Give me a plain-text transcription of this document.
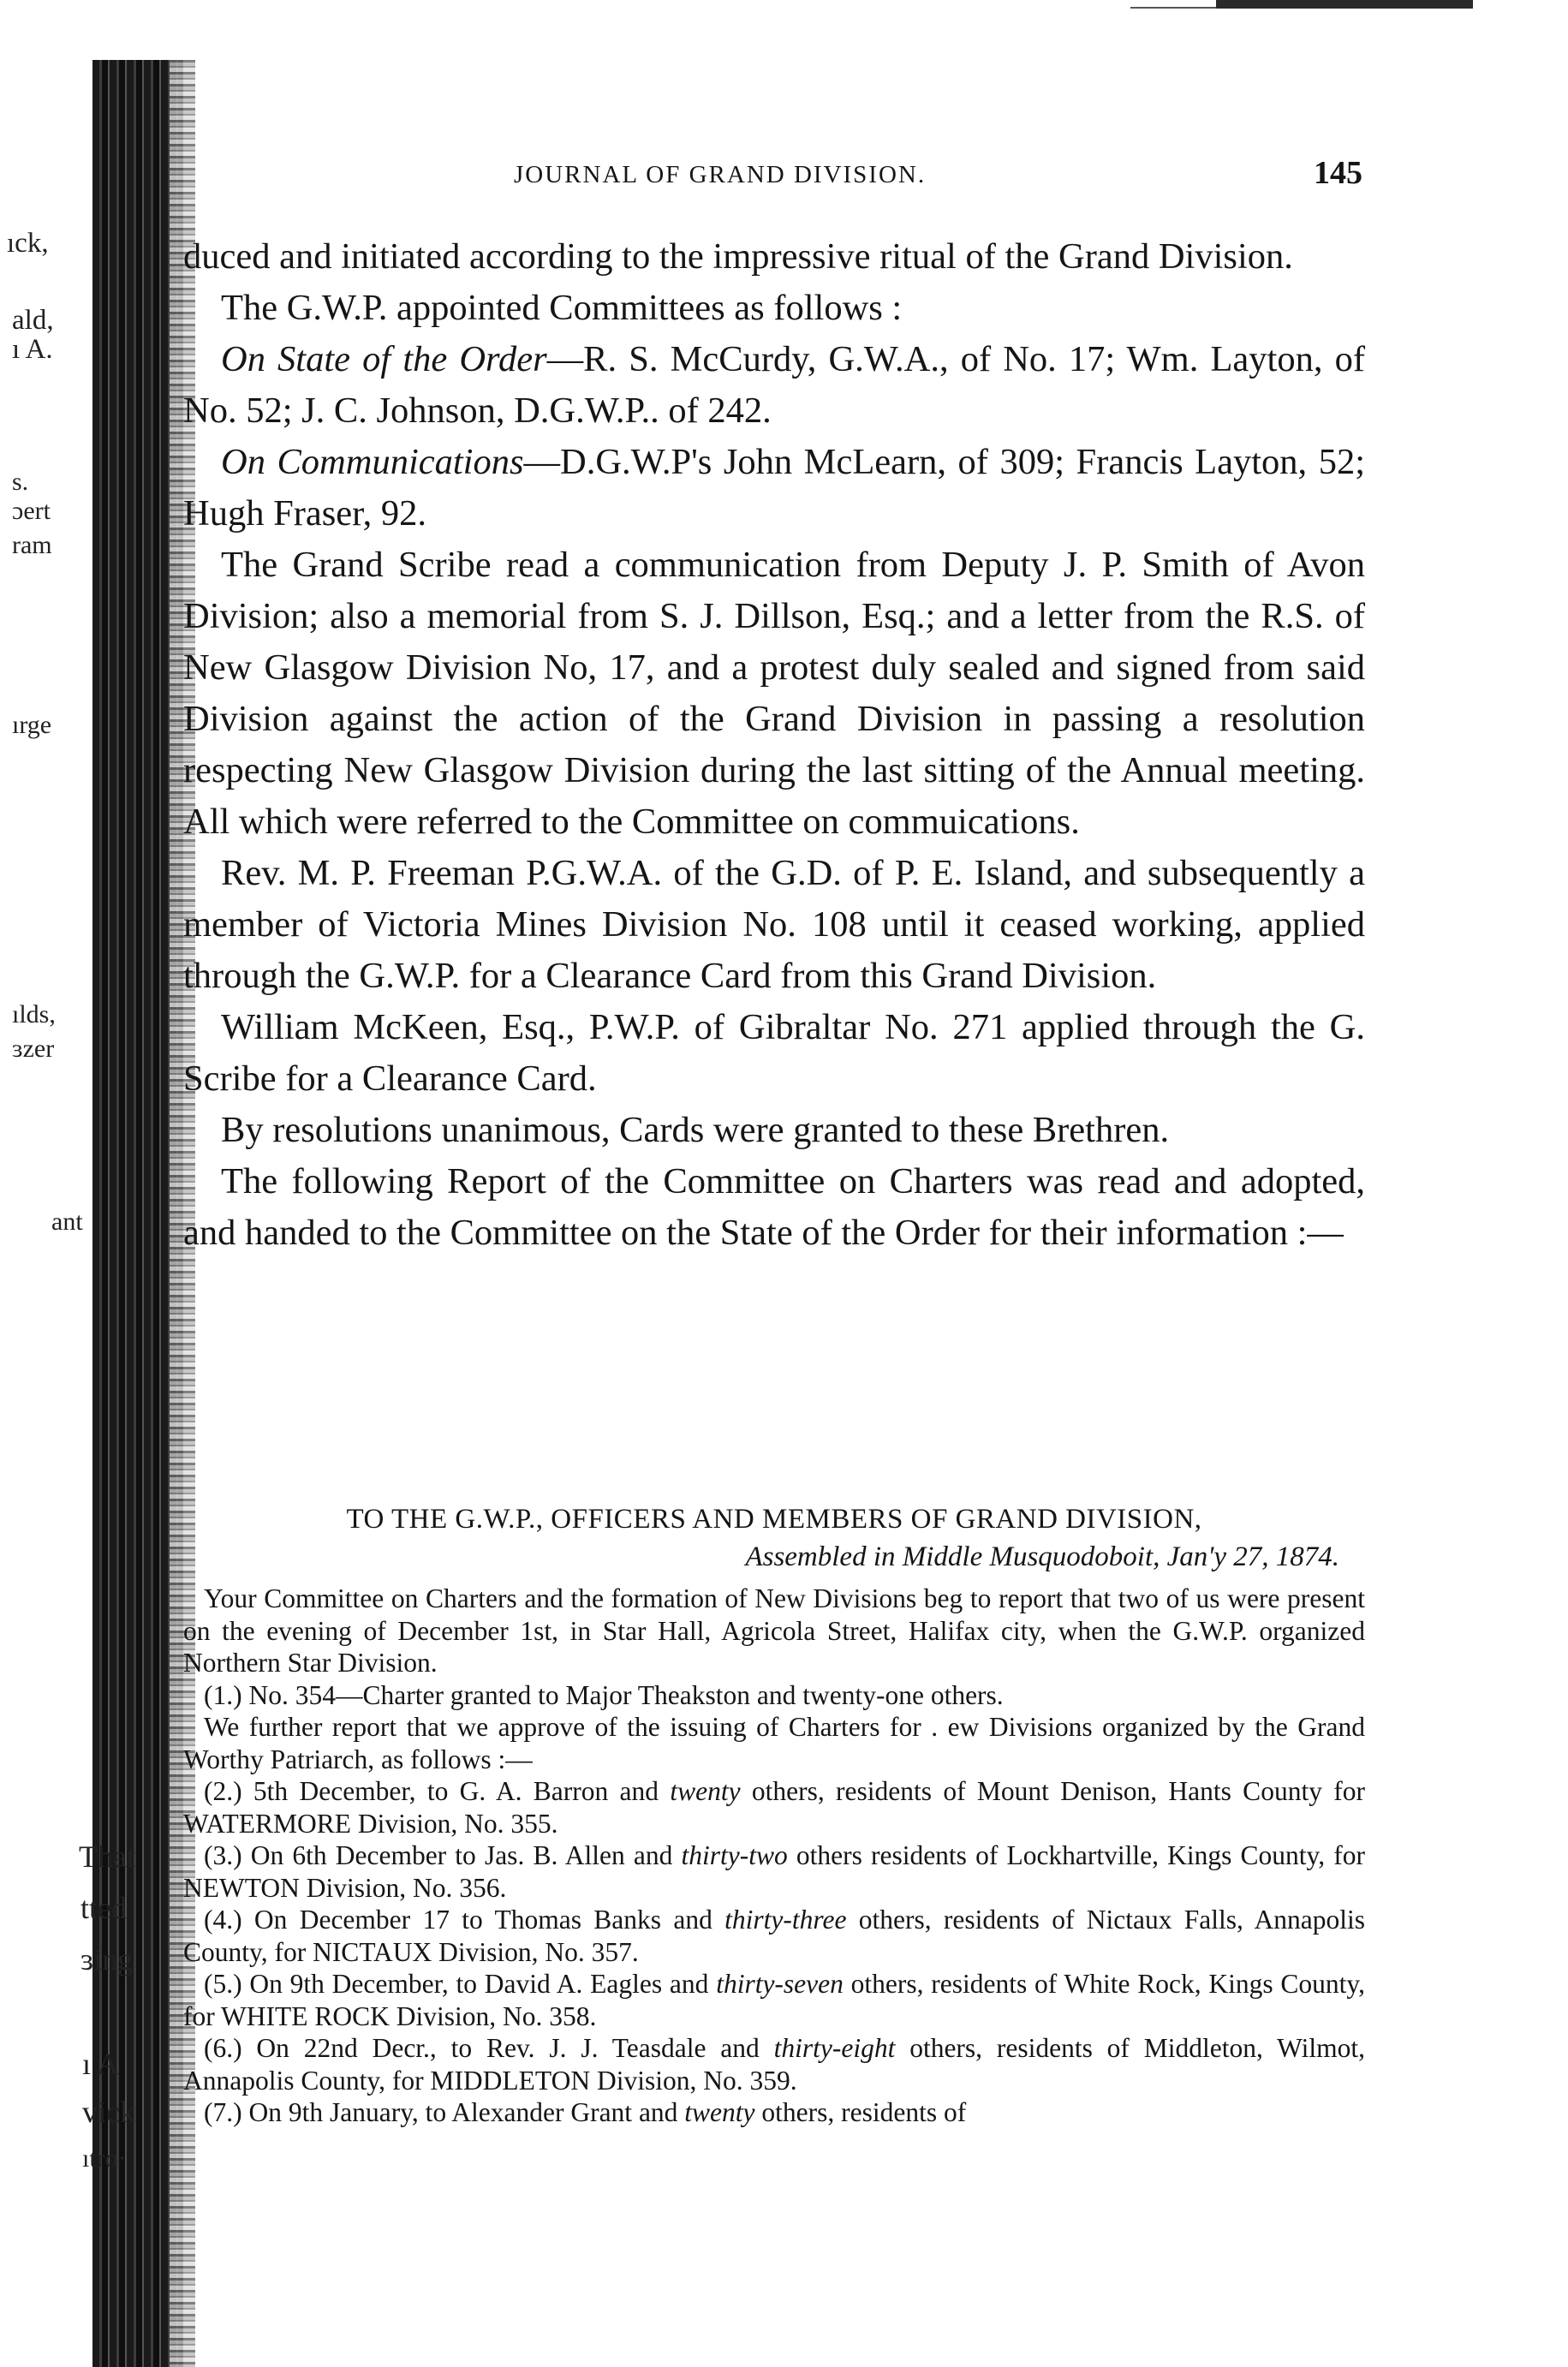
ıck,
ald,
ı A.
s.
ɔert
ram
ırge
ılds,
ɜzer
ant
That
tted
ɜing
ı A
vick
ıtro·
JOURNAL OF GRAND DIVISION.	145

duced and initiated according to the impressive ritual of the Grand Division.

The G.W.P. appointed Committees as follows :

On State of the Order—R. S. McCurdy, G.W.A., of No. 17; Wm. Layton, of No. 52; J. C. Johnson, D.G.W.P.. of 242.

On Communications—D.G.W.P's John McLearn, of 309; Francis Layton, 52; Hugh Fraser, 92.

The Grand Scribe read a communication from Deputy J. P. Smith of Avon Division; also a memorial from S. J. Dillson, Esq.; and a letter from the R.S. of New Glasgow Division No, 17, and a protest duly sealed and signed from said Division against the action of the Grand Division in passing a resolution respecting New Glasgow Division during the last sitting of the Annual meeting. All which were referred to the Committee on commuications.

Rev. M. P. Freeman P.G.W.A. of the G.D. of P. E. Island, and subsequently a member of Victoria Mines Division No. 108 until it ceased working, applied through the G.W.P. for a Clearance Card from this Grand Division.

William McKeen, Esq., P.W.P. of Gibraltar No. 271 applied through the G. Scribe for a Clearance Card.

By resolutions unanimous, Cards were granted to these Brethren.

The following Report of the Committee on Charters was read and adopted, and handed to the Committee on the State of the Order for their information :—

TO THE G.W.P., OFFICERS AND MEMBERS OF GRAND DIVISION,
Assembled in Middle Musquodoboit, Jan'y 27, 1874.

Your Committee on Charters and the formation of New Divisions beg to report that two of us were present on the evening of December 1st, in Star Hall, Agricola Street, Halifax city, when the G.W.P. organized Northern Star Division.

(1.) No. 354—Charter granted to Major Theakston and twenty-one others.

We further report that we approve of the issuing of Charters for . ew Divisions organized by the Grand Worthy Patriarch, as follows :—

(2.) 5th December, to G. A. Barron and twenty others, residents of Mount Denison, Hants County for WATERMORE Division, No. 355.

(3.) On 6th December to Jas. B. Allen and thirty-two others residents of Lockhartville, Kings County, for NEWTON Division, No. 356.

(4.) On December 17 to Thomas Banks and thirty-three others, residents of Nictaux Falls, Annapolis County, for NICTAUX Division, No. 357.

(5.) On 9th December, to David A. Eagles and thirty-seven others, residents of White Rock, Kings County, for WHITE ROCK Division, No. 358.

(6.) On 22nd Decr., to Rev. J. J. Teasdale and thirty-eight others, residents of Middleton, Wilmot, Annapolis County, for MIDDLETON Division, No. 359.

(7.) On 9th January, to Alexander Grant and twenty others, residents of
